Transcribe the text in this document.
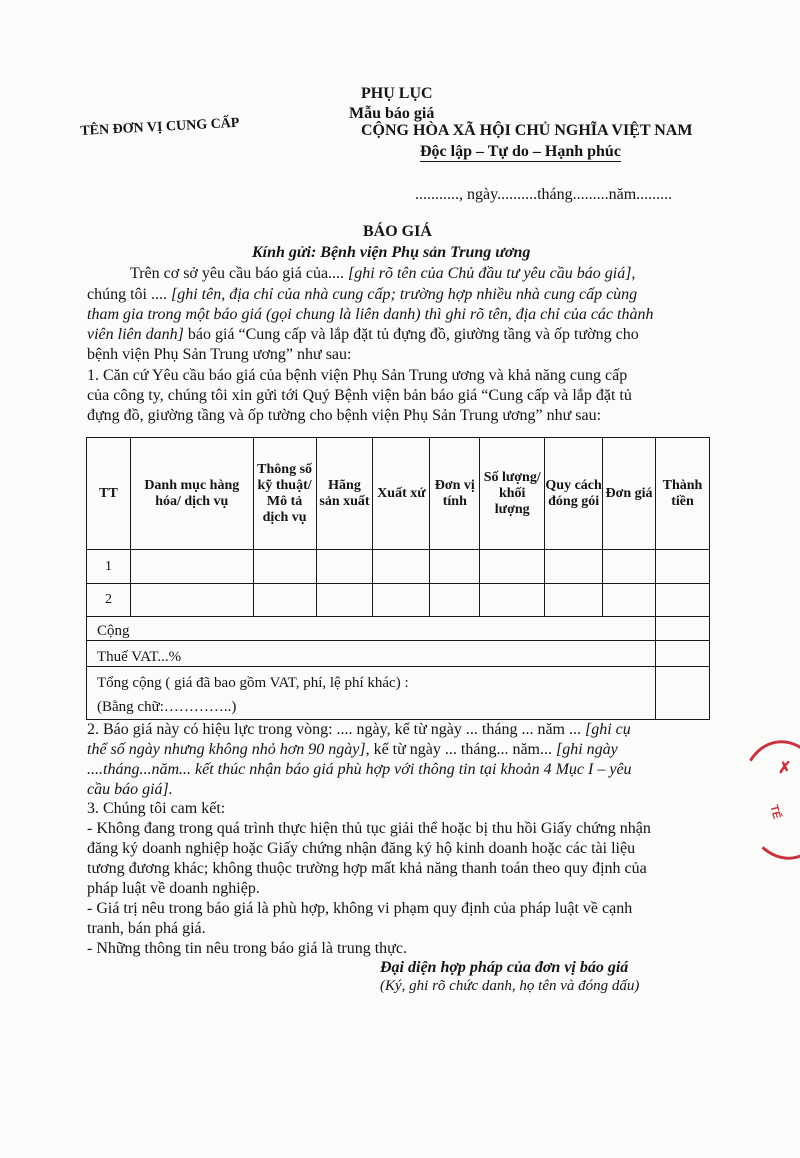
PHỤ LỤC
Mẫu báo giá
TÊN ĐƠN VỊ CUNG CẤP	CỘNG HÒA XÃ HỘI CHỦ NGHĨA VIỆT NAM
Độc lập – Tự do – Hạnh phúc
..........., ngày..........tháng.........năm.........
BÁO GIÁ
Kính gửi: Bệnh viện Phụ sản Trung ương
Trên cơ sở yêu cầu báo giá của.... [ghi rõ tên của Chủ đầu tư yêu cầu báo giá],
chúng tôi .... [ghi tên, địa chỉ của nhà cung cấp; trường hợp nhiều nhà cung cấp cùng
tham gia trong một báo giá (gọi chung là liên danh) thì ghi rõ tên, địa chỉ của các thành
viên liên danh] báo giá “Cung cấp và lắp đặt tủ đựng đồ, giường tầng và ốp tường cho
bệnh viện Phụ Sản Trung ương” như sau:
1. Căn cứ Yêu cầu báo giá của bệnh viện Phụ Sản Trung ương và khả năng cung cấp
của công ty, chúng tôi xin gửi tới Quý Bệnh viện bản báo giá “Cung cấp và lắp đặt tủ
đựng đồ, giường tầng và ốp tường cho bệnh viện Phụ Sản Trung ương” như sau:
TT	Danh mục hàng hóa/ dịch vụ	Thông số kỹ thuật/ Mô tả dịch vụ	Hãng sản xuất	Xuất xứ	Đơn vị tính	Số lượng/ khối lượng	Quy cách đóng gói	Đơn giá	Thành tiền
1									
2									
Cộng									
Thuế VAT...%									

Tổng cộng ( giá đã bao gồm VAT, phí, lệ phí khác) :
(Bằng chữ:…………..)									

2. Báo giá này có hiệu lực trong vòng: .... ngày, kể từ ngày ... tháng ... năm ... [ghi cụ
thể số ngày nhưng không nhỏ hơn 90 ngày], kể từ ngày ... tháng... năm... [ghi ngày
....tháng...năm... kết thúc nhận báo giá phù hợp với thông tin tại khoản 4 Mục I – yêu
cầu báo giá].
3. Chúng tôi cam kết:
- Không đang trong quá trình thực hiện thủ tục giải thể hoặc bị thu hồi Giấy chứng nhận
đăng ký doanh nghiệp hoặc Giấy chứng nhận đăng ký hộ kinh doanh hoặc các tài liệu
tương đương khác; không thuộc trường hợp mất khả năng thanh toán theo quy định của
pháp luật về doanh nghiệp.
- Giá trị nêu trong báo giá là phù hợp, không vi phạm quy định của pháp luật về cạnh
tranh, bán phá giá.
- Những thông tin nêu trong báo giá là trung thực.
Đại diện hợp pháp của đơn vị báo giá
(Ký, ghi rõ chức danh, họ tên và đóng dấu)
✗
TẾ
